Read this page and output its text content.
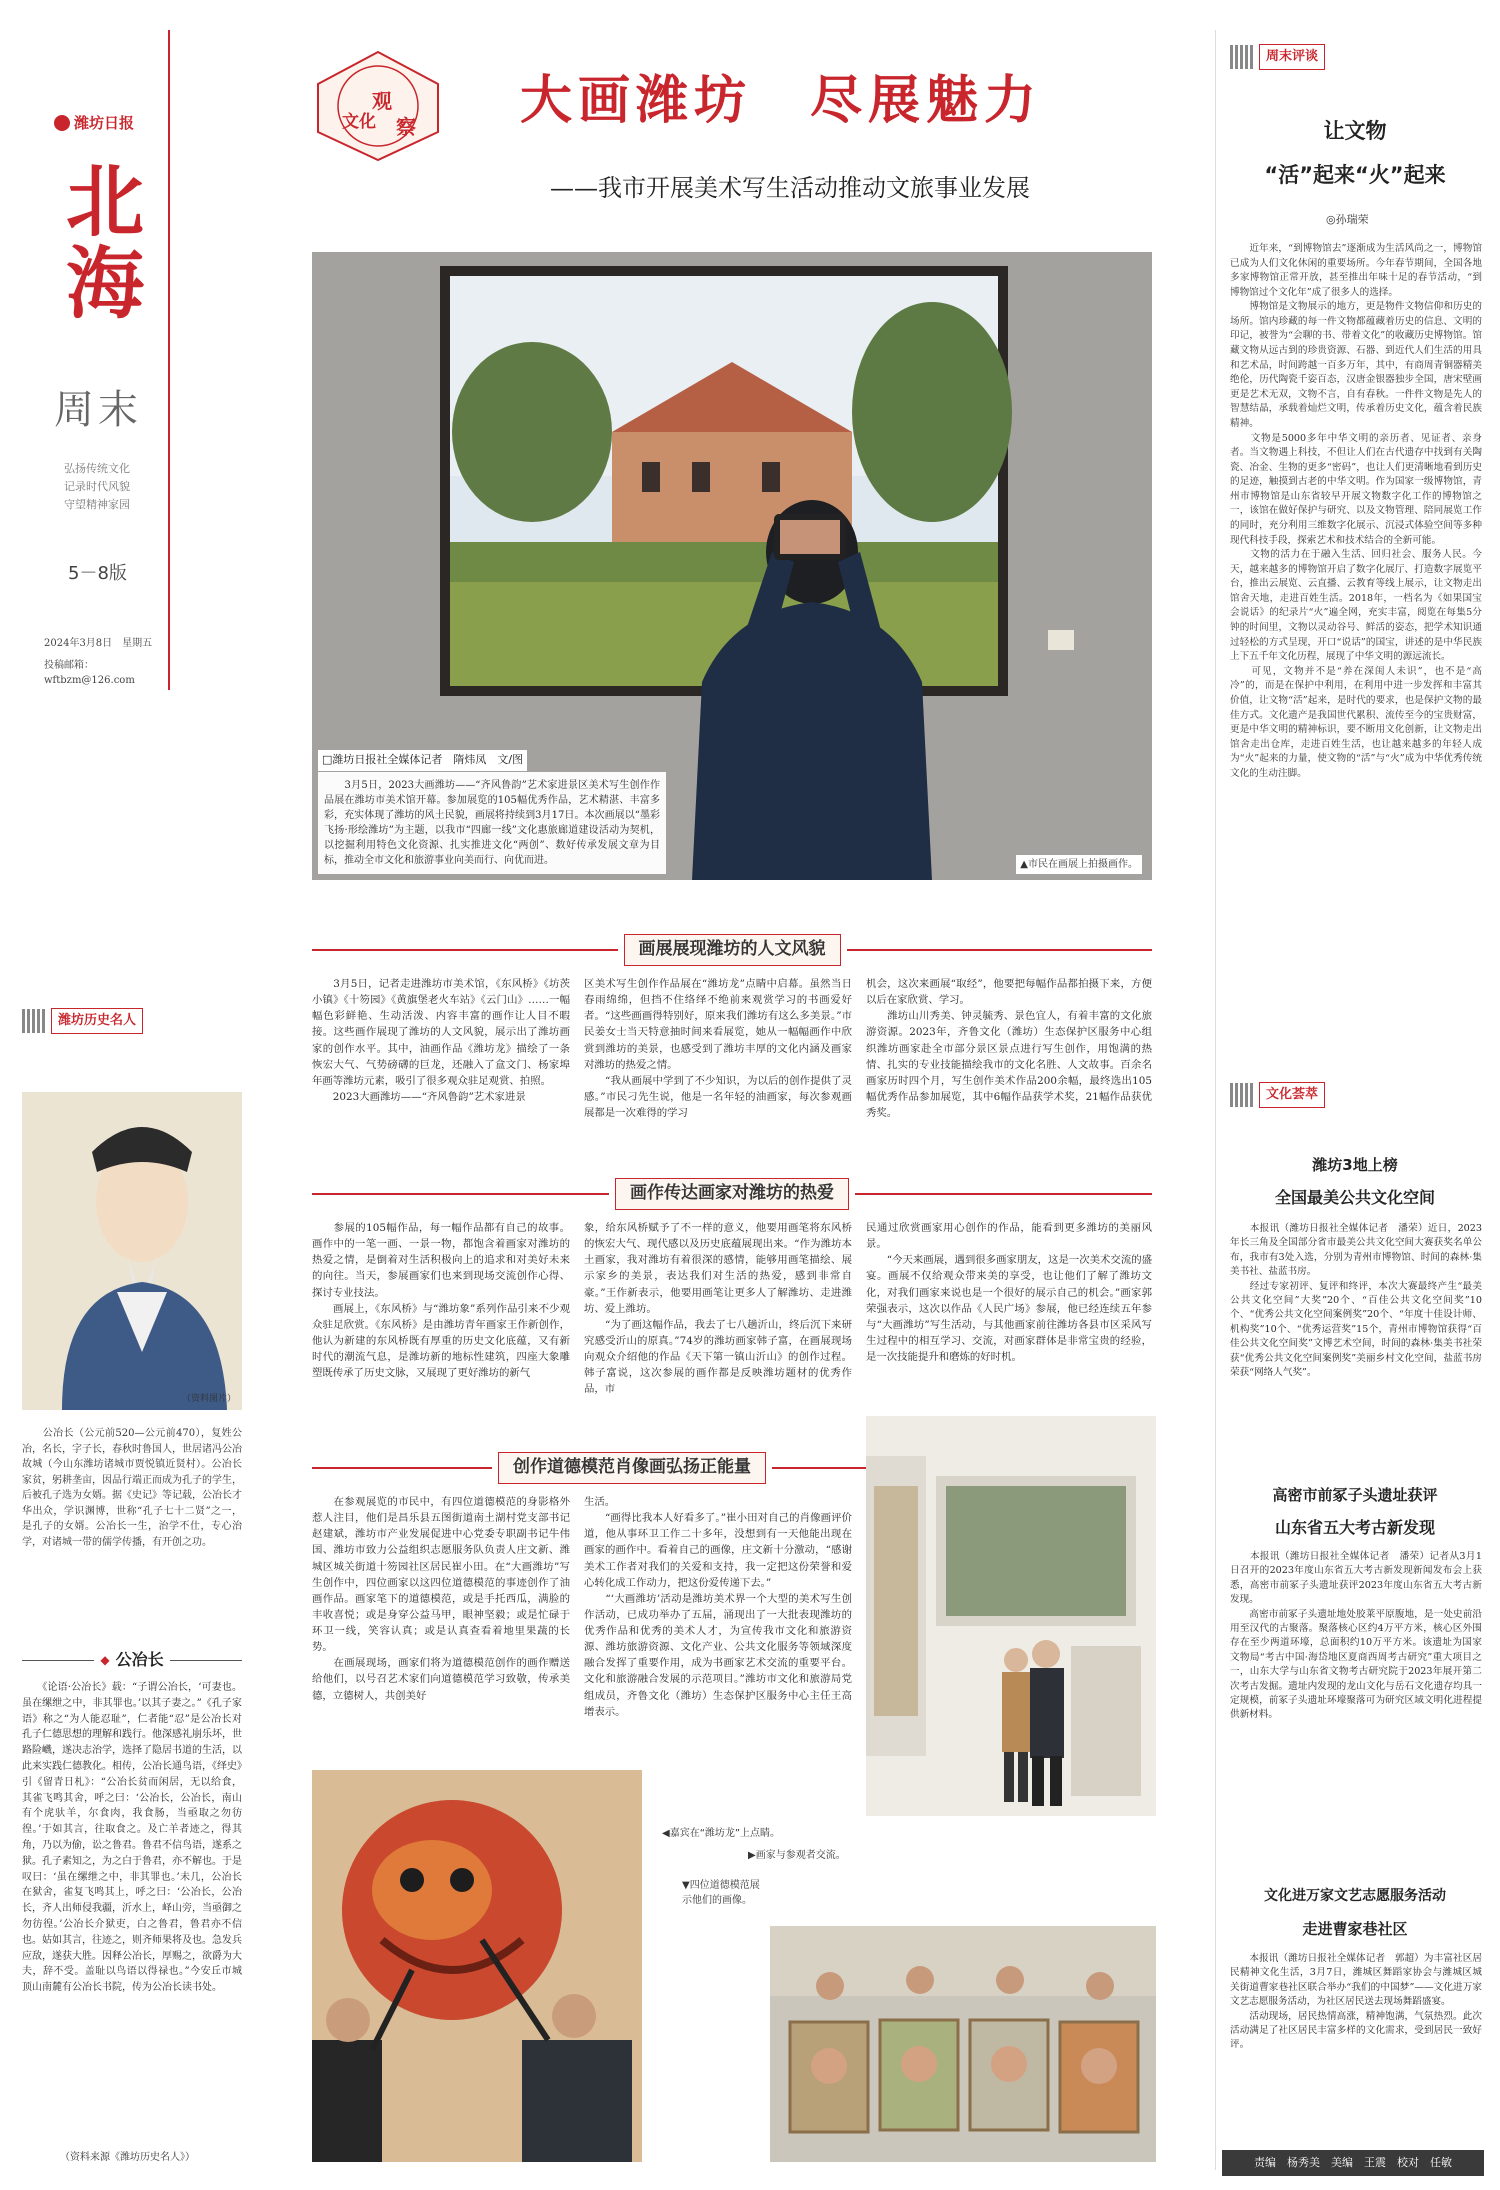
潍坊日报
北海
周末
弘扬传统文化
记录时代风貌
守望精神家园
5－8版
2024年3月8日　星期五
投稿邮箱：wftbzm@126.com
潍坊历史名人
（资料图片）
　　公冶长（公元前520—公元前470），复姓公冶，名长，字子长，春秋时鲁国人，世居诸冯公冶故城（今山东潍坊诸城市贾悦镇近贤村）。公冶长家贫，躬耕垄亩，因品行端正而成为孔子的学生，后被孔子选为女婿。据《史记》等记载，公冶长才华出众，学识渊博，世称“孔子七十二贤”之一，是孔子的女婿。公冶长一生，治学不仕，专心治学，对诸城一带的儒学传播，有开创之功。
◆ 公冶长
　　《论语·公冶长》载：“子谓公冶长，‘可妻也。虽在缧绁之中，非其罪也。’以其子妻之。”《孔子家语》称之“为人能忍耻”，仁者能“忍”是公冶长对孔子仁德思想的理解和践行。他深感礼崩乐坏，世路险巇，遂决志治学，选择了隐居书道的生活，以此来实践仁德教化。相传，公冶长通鸟语，《绎史》引《留青日札》：“公冶长贫而闲居，无以给食，其雀飞鸣其舍，呼之曰：‘公冶长，公冶长，南山有个虎驮羊，尔食肉，我食肠，当亟取之勿彷徨。’于如其言，往取食之。及亡羊者迹之，得其角，乃以为偷，讼之鲁君。鲁君不信鸟语，遂系之狱。孔子素知之，为之白于鲁君，亦不解也。于是叹曰：‘虽在缧绁之中，非其罪也。’未几，公冶长在狱舍，雀复飞鸣其上，呼之曰：‘公冶长，公冶长，齐人出师侵我疆，沂水上，峄山旁，当亟御之勿彷徨。’公冶长介狱吏，白之鲁君，鲁君亦不信也。姑如其言，往迹之，则齐师果将及也。急发兵应敌，遂获大胜。因释公冶长，厚赐之，欲爵为大夫，辞不受。盖耻以鸟语以得禄也。”今安丘市城顶山南麓有公冶长书院，传为公冶长读书处。
（资料来源《潍坊历史名人》）
文化
观
察 大画潍坊　尽展魅力
——我市开展美术写生活动推动文旅事业发展
□潍坊日报社全媒体记者　隋炜凤　文/图
　　3月5日，2023大画潍坊——“齐风鲁韵”艺术家进景区美术写生创作作品展在潍坊市美术馆开幕。参加展览的105幅优秀作品，艺术精湛、丰富多彩，充实体现了潍坊的风土民貌，画展将持续到3月17日。本次画展以“墨彩飞扬·形绘潍坊”为主题，以我市“四廊一线”文化惠旅廊道建设活动为契机，以挖掘利用特色文化资源、扎实推进文化“两创”、数好传承发展文章为目标，推动全市文化和旅游事业向美而行、向优而进。	▲市民在画展上拍摄画作。
画展展现潍坊的人文风貌
　　3月5日，记者走进潍坊市美术馆，《东风桥》《坊茨小镇》《十笏园》《黄旗堡老火车站》《云门山》……一幅幅色彩鲜艳、生动活泼、内容丰富的画作让人目不暇接。这些画作展现了潍坊的人文风貌，展示出了潍坊画家的创作水平。其中，油画作品《潍坊龙》描绘了一条恢宏大气、气势磅礴的巨龙，还融入了盒文门、杨家埠年画等潍坊元素，吸引了很多观众驻足观赏、拍照。
　　2023大画潍坊——“齐风鲁韵”艺术家进景
区美术写生创作作品展在“潍坊龙”点睛中启幕。虽然当日春雨绵绵，但挡不住络绎不绝前来观赏学习的书画爱好者。“这些画画得特别好，原来我们潍坊有这么多美景。”市民姜女士当天特意抽时间来看展览，她从一幅幅画作中欣赏到潍坊的美景，也感受到了潍坊丰厚的文化内涵及画家对潍坊的热爱之情。
　　“我从画展中学到了不少知识，为以后的创作提供了灵感。”市民刁先生说，他是一名年轻的油画家，每次参观画展都是一次难得的学习
机会，这次来画展“取经”，他要把每幅作品都拍摄下来，方便以后在家欣赏、学习。
　　潍坊山川秀美、钟灵毓秀、景色宜人，有着丰富的文化旅游资源。2023年，齐鲁文化（潍坊）生态保护区服务中心组织潍坊画家赴全市部分景区景点进行写生创作，用饱满的热情、扎实的专业技能描绘我市的文化名胜、人文故事。百余名画家历时四个月，写生创作美术作品200余幅，最终选出105幅优秀作品参加展览，其中6幅作品获学术奖，21幅作品获优秀奖。
画作传达画家对潍坊的热爱
　　参展的105幅作品，每一幅作品都有自己的故事。画作中的一笔一画、一景一物，都饱含着画家对潍坊的热爱之情，是倒着对生活积极向上的追求和对美好未来的向往。当天，参展画家们也来到现场交流创作心得、探讨专业技法。
　　画展上，《东风桥》与“潍坊象”系列作品引来不少观众驻足欣赏。《东风桥》是由潍坊青年画家王作新创作，他认为新建的东风桥既有厚重的历史文化底蕴，又有新时代的潮流气息，是潍坊新的地标性建筑，四座大象雕塑既传承了历史文脉，又展现了更好潍坊的新气
象，给东风桥赋予了不一样的意义，他要用画笔将东风桥的恢宏大气、现代感以及历史底蕴展现出来。“作为潍坊本土画家，我对潍坊有着很深的感情，能够用画笔描绘、展示家乡的美景，表达我们对生活的热爱，感到非常自豪。”王作新表示，他要用画笔让更多人了解潍坊、走进潍坊、爱上潍坊。
　　“为了画这幅作品，我去了七八趟沂山，终后沉下来研究感受沂山的原真。”74岁的潍坊画家韩子富，在画展现场向观众介绍他的作品《天下第一镇山沂山》的创作过程。韩子富说，这次参展的画作都是反映潍坊题材的优秀作品，市
民通过欣赏画家用心创作的作品，能看到更多潍坊的美丽风景。
　　“今天来画展，遇到很多画家朋友，这是一次美术交流的盛宴。画展不仅给观众带来美的享受，也让他们了解了潍坊文化，对我们画家来说也是一个很好的展示自己的机会。”画家郭荣强表示，这次以作品《人民广场》参展，他已经连续五年参与“大画潍坊”写生活动，与其他画家前往潍坊各县市区采风写生过程中的相互学习、交流，对画家群体是非常宝贵的经验，是一次技能提升和磨炼的好时机。
创作道德模范肖像画弘扬正能量
　　在参观展览的市民中，有四位道德模范的身影格外惹人注目，他们是昌乐县五图街道南土湖村党支部书记赵建斌，潍坊市产业发展促进中心党委专职副书记牛伟国、潍坊市致力公益组织志愿服务队负责人庄文新、潍城区城关街道十笏园社区居民崔小田。在“大画潍坊”写生创作中，四位画家以这四位道德模范的事迹创作了油画作品。画家笔下的道德模范，或是手托西瓜，满脸的丰收喜悦；或是身穿公益马甲，眼神坚毅；或是忙碌于环卫一线，笑容认真；或是认真查看着地里果蔬的长势。
　　在画展现场，画家们将为道德模范创作的画作赠送给他们，以号召艺术家们向道德模范学习致敬，传承美德，立德树人，共创美好
生活。
　　“画得比我本人好看多了。”崔小田对自己的肖像画评价道，他从事环卫工作二十多年，没想到有一天他能出现在画家的画作中。看着自己的画像，庄文新十分激动，“感谢美术工作者对我们的关爱和支持，我一定把这份荣誉和爱心转化成工作动力，把这份爱传递下去。”
　　“‘大画潍坊’活动是潍坊美术界一个大型的美术写生创作活动，已成功举办了五届，涌现出了一大批表现潍坊的优秀作品和优秀的美术人才，为宣传我市文化和旅游资源、潍坊旅游资源、文化产业、公共文化服务等领域深度融合发挥了重要作用，成为书画家艺术交流的重要平台。文化和旅游融合发展的示范项目。”潍坊市文化和旅游局党组成员，齐鲁文化（潍坊）生态保护区服务中心主任王高增表示。
◀嘉宾在“潍坊龙”上点睛。
▶画家与参观者交流。
▼四位道德模范展示他们的画像。
周末评谈
让文物
“活”起来“火”起来
◎孙瑞荣
　　近年来，“到博物馆去”逐渐成为生活风尚之一，博物馆已成为人们文化休闲的重要场所。今年春节期间，全国各地多家博物馆正常开放，甚至推出年味十足的春节活动，“到博物馆过个文化年”成了很多人的选择。
　　博物馆是文物展示的地方，更是物件文物信仰和历史的场所。馆内珍藏的每一件文物都蕴藏着历史的信息、文明的印记，被誉为“会聊的书、带着文化”的收藏历史博物馆。馆藏文物从远古到的珍贵资源、石器、到近代人们生活的用具和艺术品，时间跨越一百多万年，其中，有商周青铜器精美绝伦，历代陶瓷千姿百态，汉唐金银器独步全国，唐宋壁画更是艺术无双，文物不言，自有春秋。一件件文物是先人的智慧结晶，承载着灿烂文明，传承着历史文化，蕴含着民族精神。
　　文物是5000多年中华文明的亲历者、见证者、亲身者。当文物遇上科技，不但让人们在古代遗存中找到有关陶瓷、冶金、生物的更多“密码”，也让人们更清晰地看到历史的足迹，触摸到古老的中华文明。作为国家一级博物馆，青州市博物馆是山东省较早开展文物数字化工作的博物馆之一，该馆在做好保护与研究、以及文物管理、陪同展览工作的同时，充分利用三维数字化展示、沉浸式体验空间等多种现代科技手段，探索艺术和技术结合的全新可能。
　　文物的活力在于融入生活、回归社会、服务人民。今天，越来越多的博物馆开启了数字化展厅、打造数字展览平台，推出云展览、云直播、云教育等线上展示，让文物走出馆舍天地，走进百姓生活。2018年，一档名为《如果国宝会说话》的纪录片“火”遍全网，充实丰富，阅览在每集5分钟的时间里，文物以灵动谷号、鲜活的姿态，把学术知识通过轻松的方式呈现，开口“说话”的国宝，讲述的是中华民族上下五千年文化历程，展现了中华文明的源远流长。
　　可见，文物并不是“养在深闺人未识”，也不是“高冷”的，而是在保护中利用，在利用中进一步发挥和丰富其价值，让文物“活”起来，是时代的要求，也是保护文物的最佳方式。文化遗产是我国世代累积、流传至今的宝贵财富，更是中华文明的精神标识，要不断用文化创新，让文物走出馆舍走出仓库，走进百姓生活，也让越来越多的年轻人成为“火”起来的力量，使文物的“活”与“火”成为中华优秀传统文化的生动注脚。
文化荟萃
潍坊3地上榜
全国最美公共文化空间
　　本报讯（潍坊日报社全媒体记者　潘荣）近日，2023年长三角及全国部分省市最美公共文化空间大赛获奖名单公布，我市有3处入选，分别为青州市博物馆、时间的森林·集美书社、盐蓝书房。
　　经过专家初评、复评和终评，本次大赛最终产生“最美公共文化空间”大奖”20个、“百佳公共文化空间奖”10个、“优秀公共文化空间案例奖”20个、“年度十佳设计师、机构奖”10个、“优秀运营奖”15个，青州市博物馆获得“百佳公共文化空间奖”文博艺术空间，时间的森林·集美书社荣获“优秀公共文化空间案例奖”美丽乡村文化空间，盐蓝书房荣获“网络人气奖”。
高密市前冢子头遗址获评
山东省五大考古新发现
　　本报讯（潍坊日报社全媒体记者　潘荣）记者从3月1日召开的2023年度山东省五大考古新发现新闻发布会上获悉，高密市前冢子头遗址获评2023年度山东省五大考古新发现。
　　高密市前冢子头遗址地处胶莱平原腹地，是一处史前沿用至汉代的古聚落。聚落核心区约4万平方米，核心区外围存在至少两道环壕，总面积约10万平方米。该遗址为国家文物局“考古中国·海岱地区夏商西周考古研究”重大项目之一，山东大学与山东省文物考古研究院于2023年展开第二次考古发掘。遗址内发现的龙山文化与岳石文化遗存均具一定规模，前冢子头遗址环壕聚落可为研究区域文明化进程提供新材料。
文化进万家文艺志愿服务活动
走进曹家巷社区
　　本报讯（潍坊日报社全媒体记者　郭超）为丰富社区居民精神文化生活，3月7日，潍城区舞蹈家协会与潍城区城关街道曹家巷社区联合举办“我们的中国梦”——文化进万家文艺志愿服务活动，为社区居民送去现场舞蹈盛宴。
　　活动现场，居民热情高涨，精神饱满，气氛热烈。此次活动满足了社区居民丰富多样的文化需求，受到居民一致好评。
责编　杨秀美　美编　王震　校对　任敏
